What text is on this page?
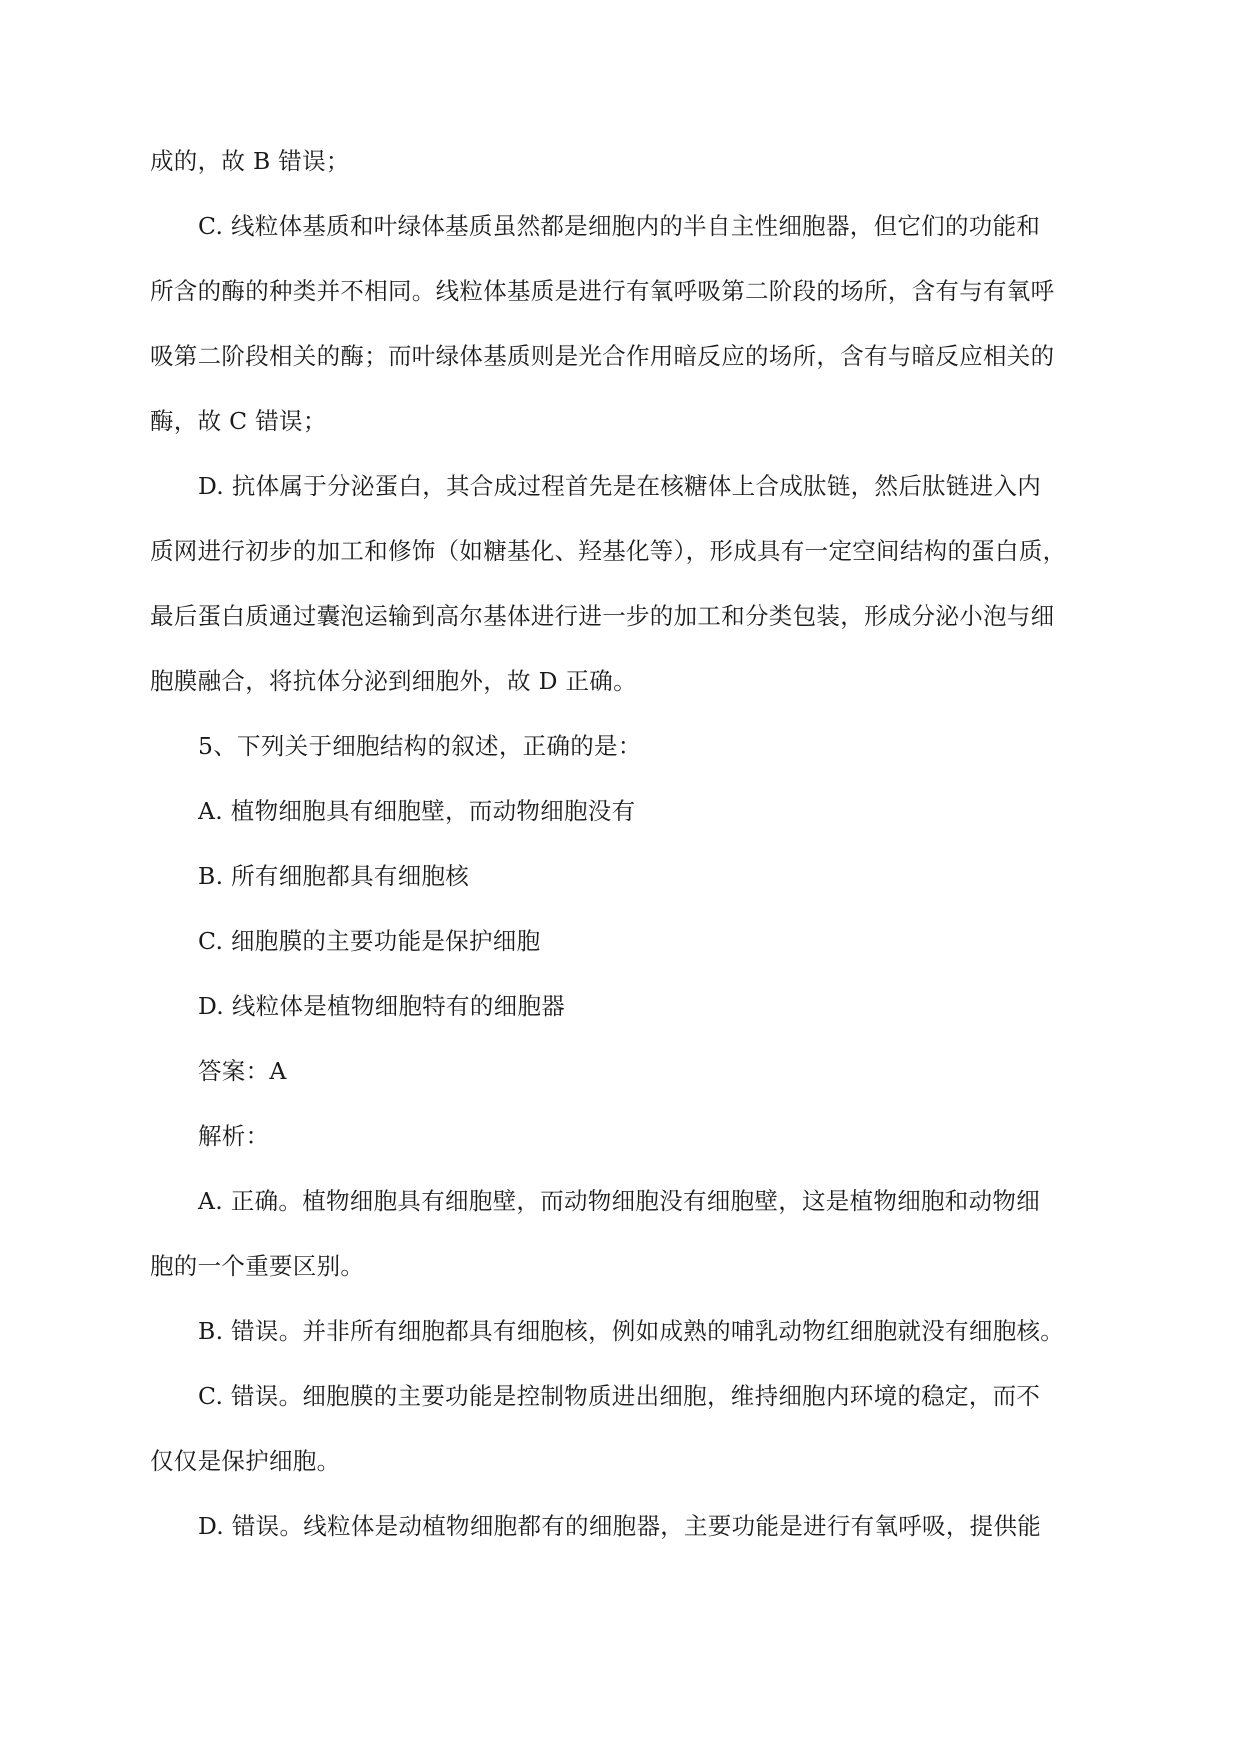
成的，故 B 错误；
C. 线粒体基质和叶绿体基质虽然都是细胞内的半自主性细胞器，但它们的功能和
所含的酶的种类并不相同。线粒体基质是进行有氧呼吸第二阶段的场所，含有与有氧呼
吸第二阶段相关的酶；而叶绿体基质则是光合作用暗反应的场所，含有与暗反应相关的
酶，故 C 错误；
D. 抗体属于分泌蛋白，其合成过程首先是在核糖体上合成肽链，然后肽链进入内
质网进行初步的加工和修饰（如糖基化、羟基化等），形成具有一定空间结构的蛋白质，
最后蛋白质通过囊泡运输到高尔基体进行进一步的加工和分类包装，形成分泌小泡与细
胞膜融合，将抗体分泌到细胞外，故 D 正确。
5、下列关于细胞结构的叙述，正确的是：
A. 植物细胞具有细胞壁，而动物细胞没有
B. 所有细胞都具有细胞核
C. 细胞膜的主要功能是保护细胞
D. 线粒体是植物细胞特有的细胞器
答案：A
解析：
A. 正确。植物细胞具有细胞壁，而动物细胞没有细胞壁，这是植物细胞和动物细
胞的一个重要区别。
B. 错误。并非所有细胞都具有细胞核，例如成熟的哺乳动物红细胞就没有细胞核。
C. 错误。细胞膜的主要功能是控制物质进出细胞，维持细胞内环境的稳定，而不
仅仅是保护细胞。
D. 错误。线粒体是动植物细胞都有的细胞器，主要功能是进行有氧呼吸，提供能
